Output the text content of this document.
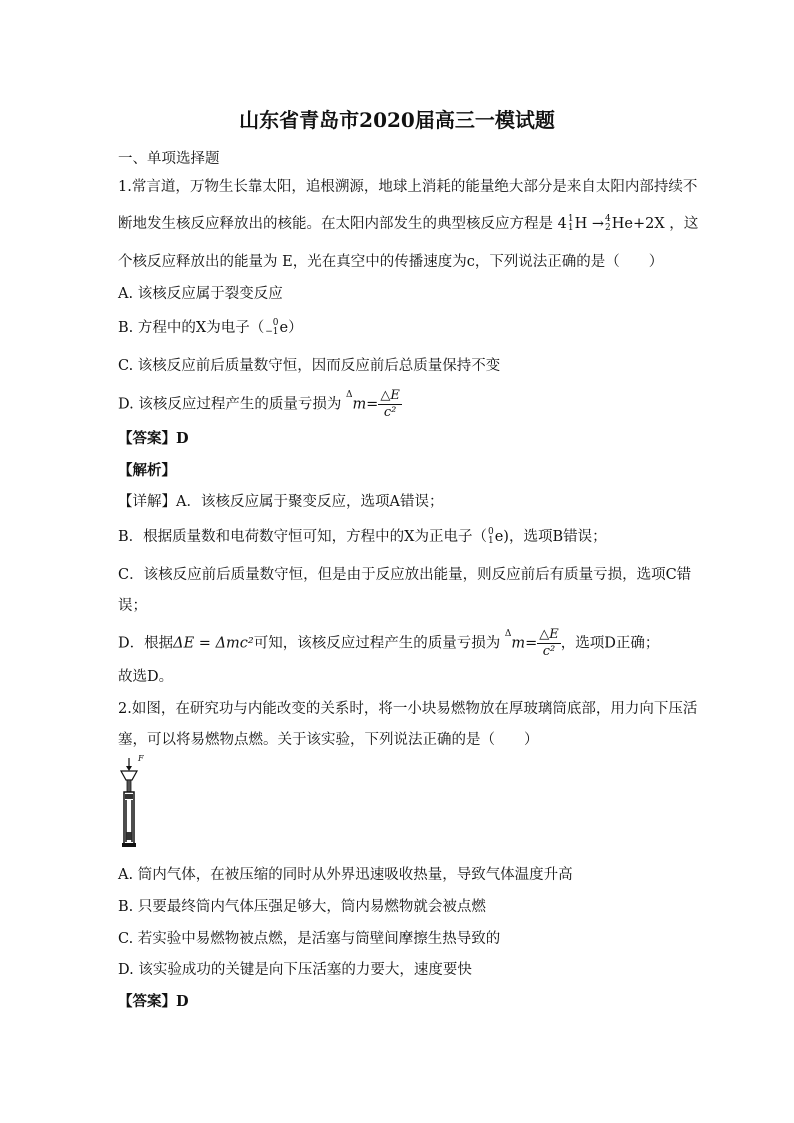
山东省青岛市2020届高三一模试题
一、单项选择题
1.常言道，万物生长靠太阳，追根溯源，地球上消耗的能量绝大部分是来自太阳内部持续不
断地发生核反应释放出的核能。在太阳内部发生的典型核反应方程是 4 1
1 H → 4
2 He+2X ，这
个核反应释放出的能量为 E，光在真空中的传播速度为c，下列说法正确的是（　　）
A. 该核反应属于裂变反应
B. 方程中的X为电子（ 0
−1 e）
C. 该核反应前后质量数守恒，因而反应前后总质量保持不变
D. 该核反应过程产生的质量亏损为 $^\Delta m= \frac{\triangle E}{\text{c²}}$
【答案】D
【解析】
【详解】A．该核反应属于聚变反应，选项A错误；
B．根据质量数和电荷数守恒可知，方程中的X为正电子（ 0
1 e)，选项B错误；
C．该核反应前后质量数守恒，但是由于反应放出能量，则反应前后有质量亏损，选项C错
误；
D．根据ΔE = Δmc²可知，该核反应过程产生的质量亏损为 $^\Delta m= \frac{\triangle E}{\text{c²}}$ ，选项D正确；
故选D。
2.如图，在研究功与内能改变的关系时，将一小块易燃物放在厚玻璃筒底部，用力向下压活
塞，可以将易燃物点燃。关于该实验，下列说法正确的是（　　）
F
A. 筒内气体，在被压缩的同时从外界迅速吸收热量，导致气体温度升高
B. 只要最终筒内气体压强足够大，筒内易燃物就会被点燃
C. 若实验中易燃物被点燃，是活塞与筒壁间摩擦生热导致的
D. 该实验成功的关键是向下压活塞的力要大，速度要快
【答案】D
